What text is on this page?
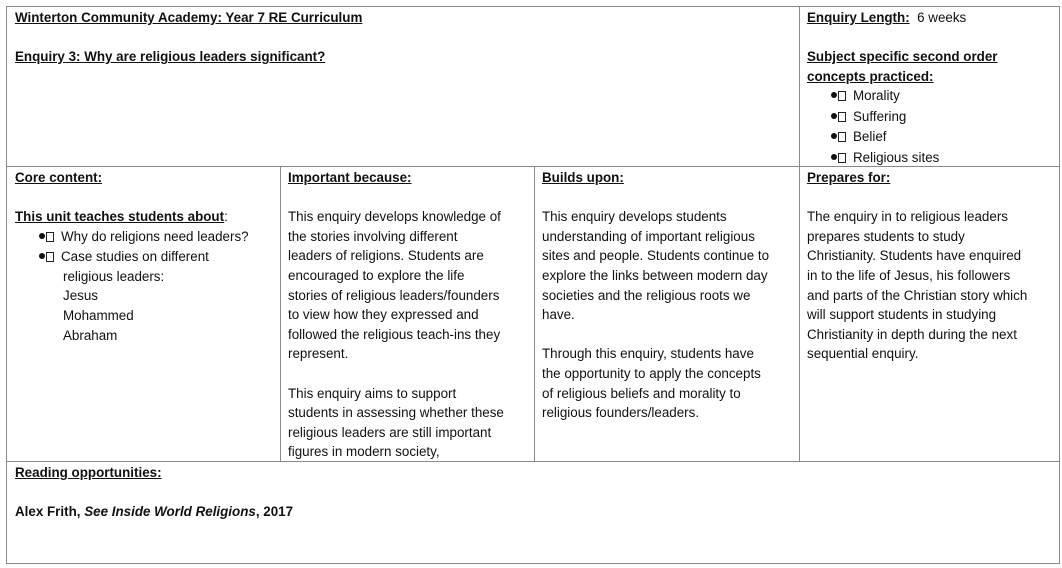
Winterton Community Academy: Year 7 RE Curriculum

Enquiry 3: Why are religious leaders significant?
Enquiry Length: 6 weeks

Subject specific second order
concepts practiced:
Morality
Suffering
Belief
Religious sites
Core content:

This unit teaches students about:
Why do religions need leaders?
Case studies on different
religious leaders:
Jesus
Mohammed
Abraham
Important because:

This enquiry develops knowledge of
the stories involving different
leaders of religions. Students are
encouraged to explore the life
stories of religious leaders/founders
to view how they expressed and
followed the religious teach-ins they
represent.

This enquiry aims to support
students in assessing whether these
religious leaders are still important
figures in modern society,
Builds upon:

This enquiry develops students
understanding of important religious
sites and people. Students continue to
explore the links between modern day
societies and the religious roots we
have.

Through this enquiry, students have
the opportunity to apply the concepts
of religious beliefs and morality to
religious founders/leaders.
Prepares for:

The enquiry in to religious leaders
prepares students to study
Christianity. Students have enquired
in to the life of Jesus, his followers
and parts of the Christian story which
will support students in studying
Christianity in depth during the next
sequential enquiry.
Reading opportunities:

Alex Frith, See Inside World Religions, 2017
